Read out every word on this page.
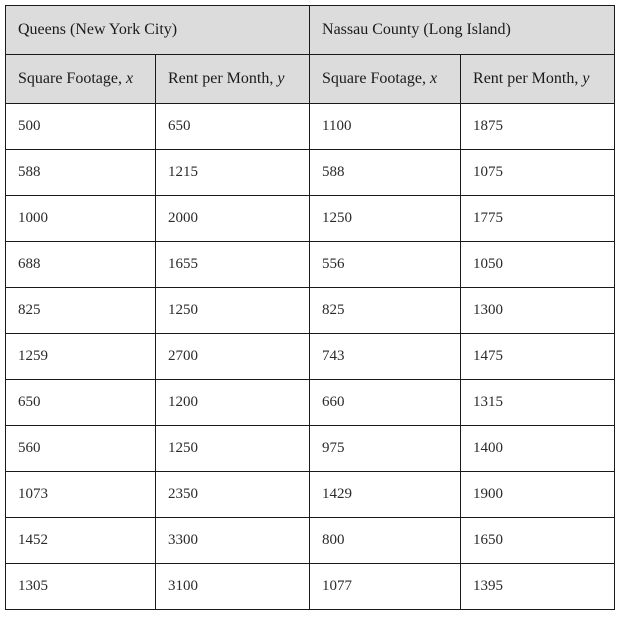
Queens (New York City)		Nassau County (Long Island)	
Square Footage, x	Rent per Month, y	Square Footage, x	Rent per Month, y
500	650	1100	1875
588	1215	588	1075
1000	2000	1250	1775
688	1655	556	1050
825	1250	825	1300
1259	2700	743	1475
650	1200	660	1315
560	1250	975	1400
1073	2350	1429	1900
1452	3300	800	1650
1305	3100	1077	1395
